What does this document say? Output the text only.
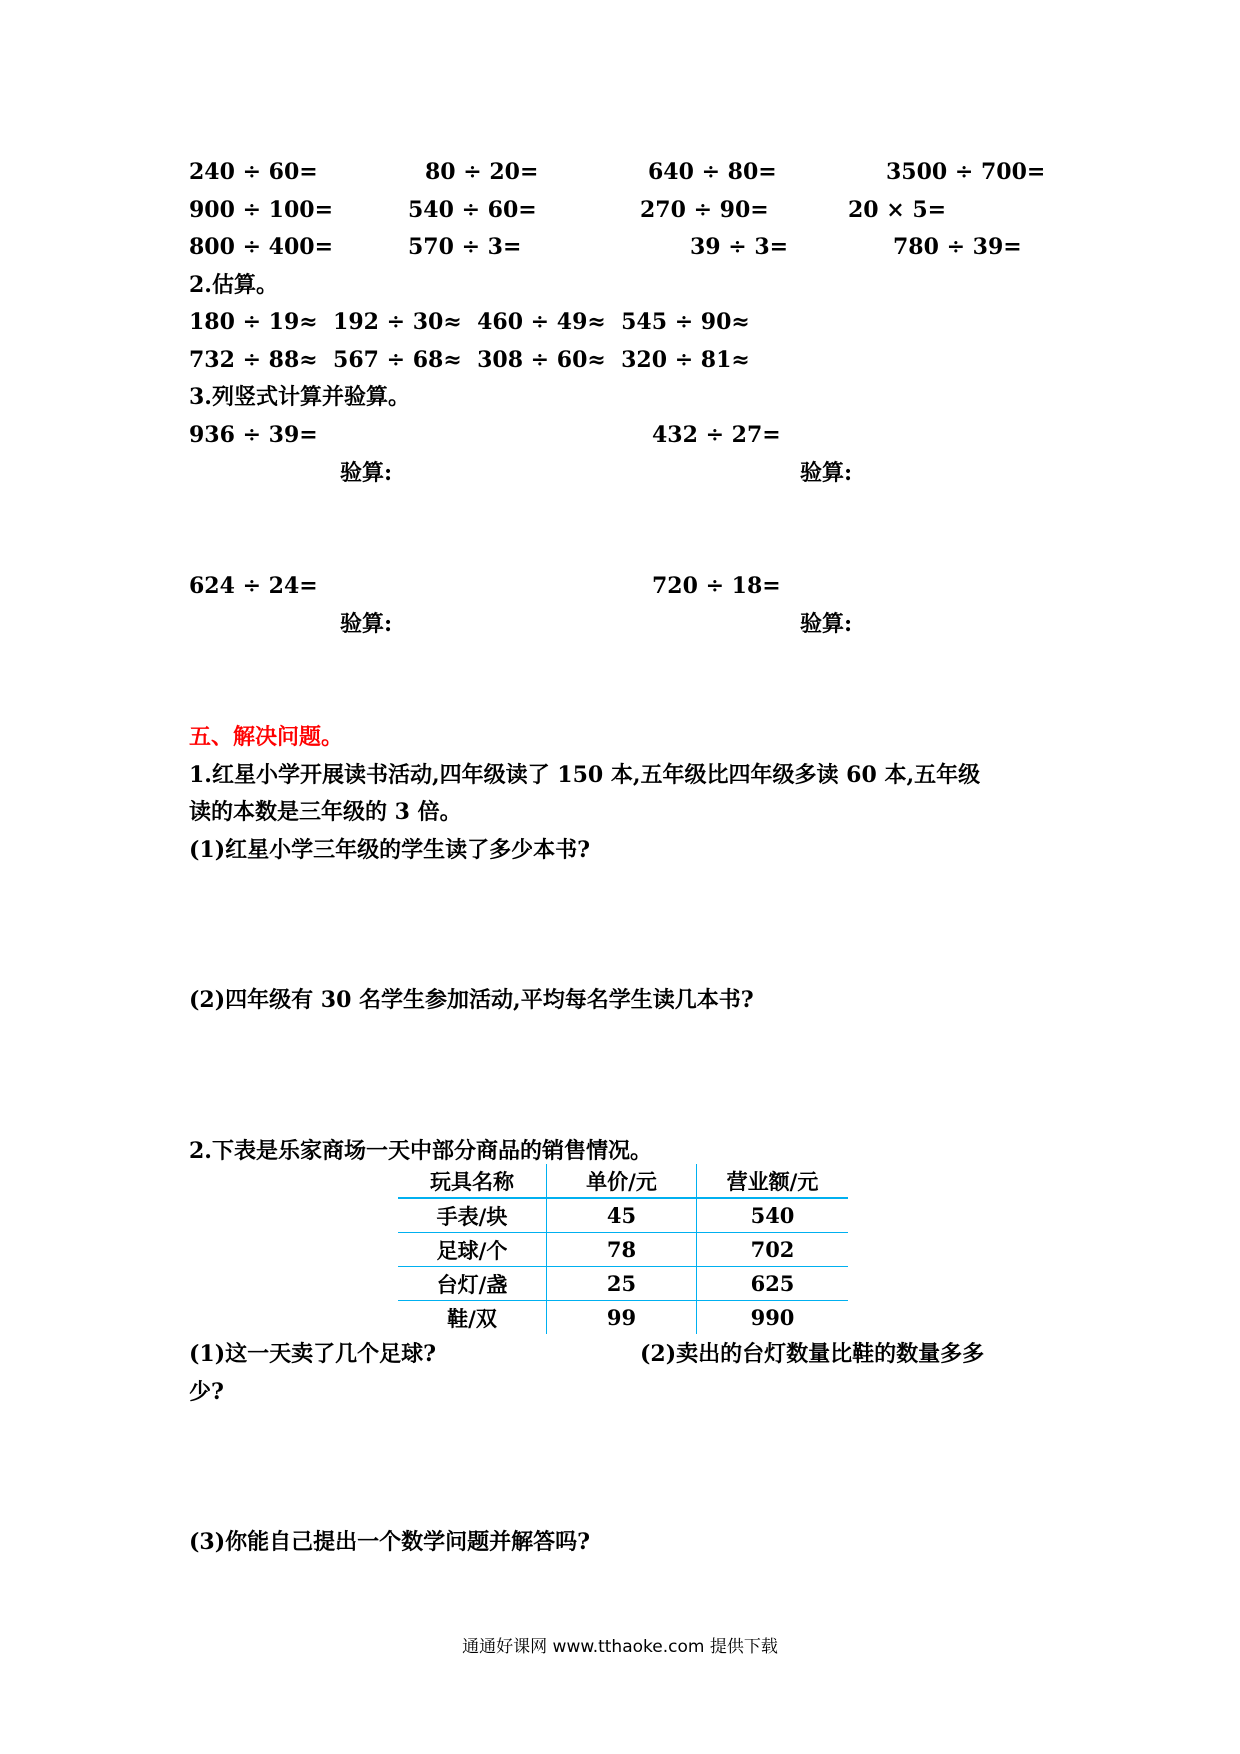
240 ÷ 60=	80 ÷ 20=	640 ÷ 80=	3500 ÷ 700=
900 ÷ 100=	540 ÷ 60=	270 ÷ 90=	20 × 5=
800 ÷ 400=	570 ÷ 3=	39 ÷ 3=	780 ÷ 39=
2.估算。
180 ÷ 19≈  192 ÷ 30≈  460 ÷ 49≈  545 ÷ 90≈
732 ÷ 88≈  567 ÷ 68≈  308 ÷ 60≈  320 ÷ 81≈
3.列竖式计算并验算。
936 ÷ 39=	432 ÷ 27=
验算:	验算:
624 ÷ 24=	720 ÷ 18=
验算:	验算:
五、解决问题。
1.红星小学开展读书活动,四年级读了 150 本,五年级比四年级多读 60 本,五年级
读的本数是三年级的 3 倍。
(1)红星小学三年级的学生读了多少本书?
(2)四年级有 30 名学生参加活动,平均每名学生读几本书?
2.下表是乐家商场一天中部分商品的销售情况。
玩具名称	单价/元	营业额/元
手表/块	45	540
足球/个	78	702
台灯/盏	25	625
鞋/双	99	990
(1)这一天卖了几个足球?	(2)卖出的台灯数量比鞋的数量多多
少?
(3)你能自己提出一个数学问题并解答吗?
通通好课网 www.tthaoke.com 提供下载
